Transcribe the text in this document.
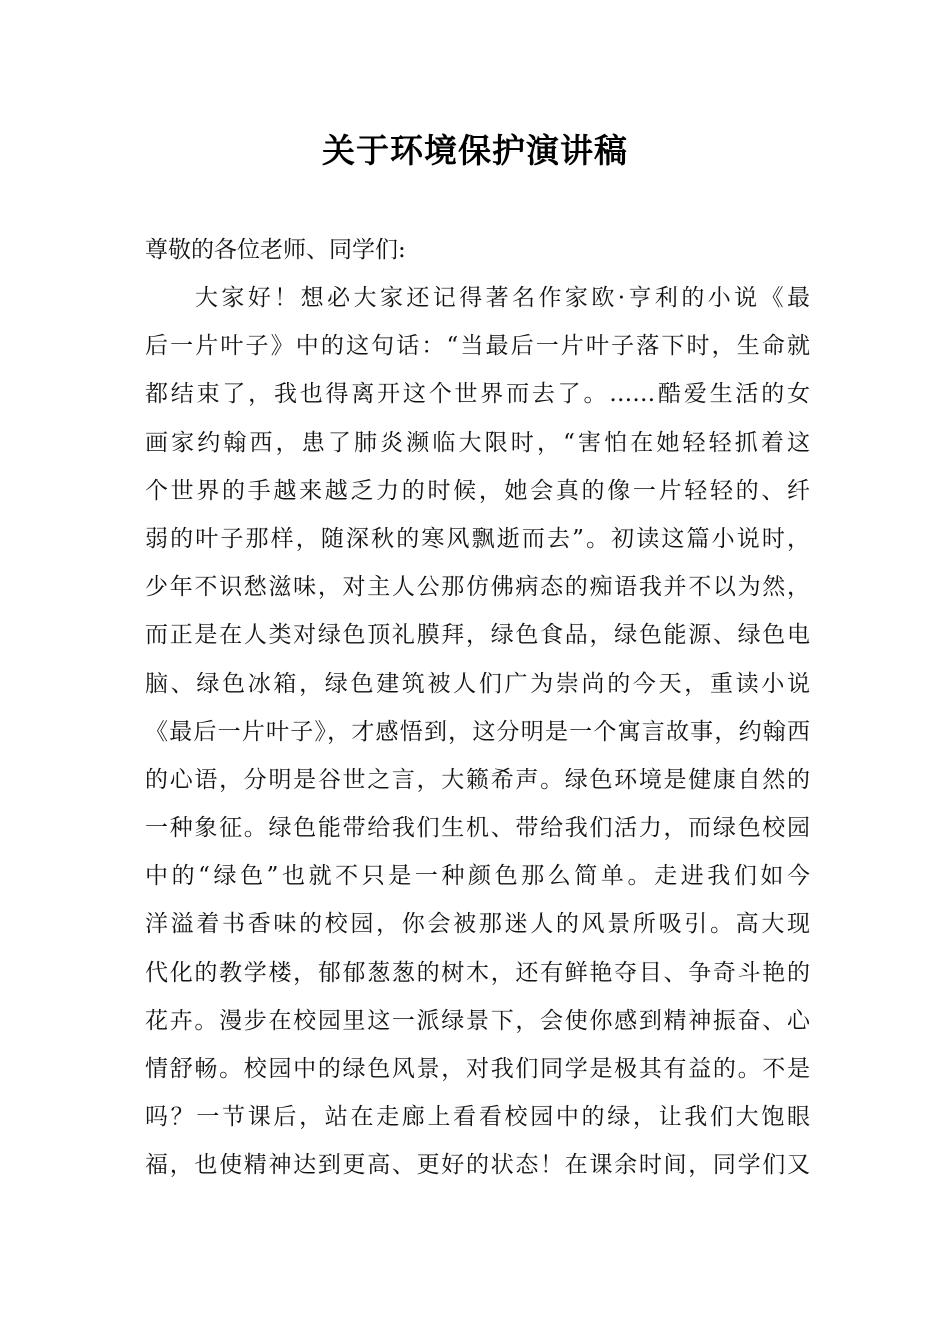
关于环境保护演讲稿

尊敬的各位老师、同学们:

大家好！想必大家还记得著名作家欧·亨利的小说《最
后一片叶子》中的这句话：“当最后一片叶子落下时，生命就
都结束了，我也得离开这个世界而去了。……酷爱生活的女
画家约翰西，患了肺炎濒临大限时，“害怕在她轻轻抓着这
个世界的手越来越乏力的时候，她会真的像一片轻轻的、纤
弱的叶子那样，随深秋的寒风飘逝而去”。初读这篇小说时，
少年不识愁滋味，对主人公那仿佛病态的痴语我并不以为然，
而正是在人类对绿色顶礼膜拜，绿色食品，绿色能源、绿色电
脑、绿色冰箱，绿色建筑被人们广为崇尚的今天，重读小说
《最后一片叶子》，才感悟到，这分明是一个寓言故事，约翰西
的心语，分明是谷世之言，大籁希声。绿色环境是健康自然的
一种象征。绿色能带给我们生机、带给我们活力，而绿色校园
中的“绿色”也就不只是一种颜色那么简单。走进我们如今
洋溢着书香味的校园，你会被那迷人的风景所吸引。高大现
代化的教学楼，郁郁葱葱的树木，还有鲜艳夺目、争奇斗艳的
花卉。漫步在校园里这一派绿景下，会使你感到精神振奋、心
情舒畅。校园中的绿色风景，对我们同学是极其有益的。不是
吗？一节课后，站在走廊上看看校园中的绿，让我们大饱眼
福，也使精神达到更高、更好的状态！在课余时间，同学们又
